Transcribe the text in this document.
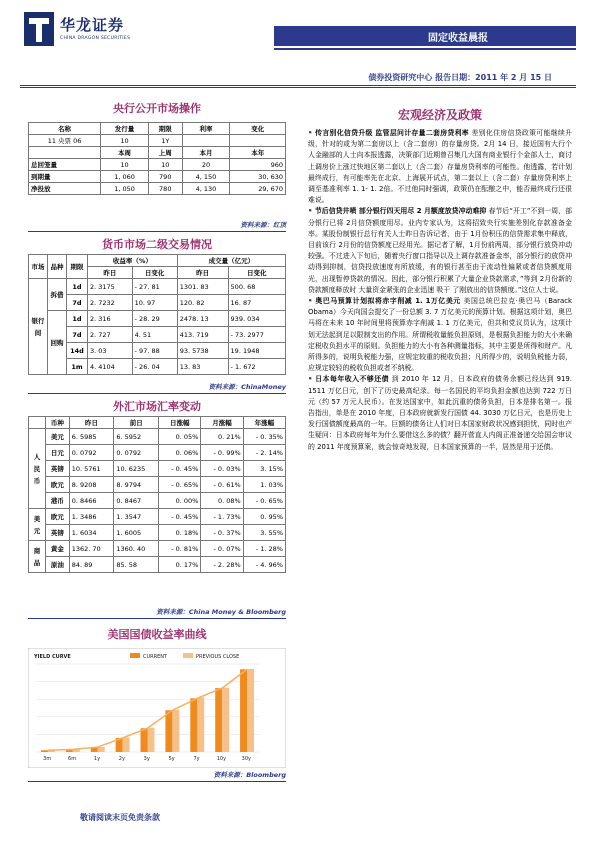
华龙证券
CHINA DRAGON SECURITIES	固定收益晨报
债券投资研究中心 报告日期：2011 年 2 月 15 日
央行公开市场操作
名称	发行量	期限	利率	变化
11 央票 06	10	1Y		
	本周	上周	本月	本年
总回笼量	10	10	20	960
到期量	1, 060	790	4, 150	30, 630
净投放	1, 050	780	4, 130	29, 670
资料来源：红顶
货币市场二级交易情况
市场	品种	期限	收益率（%）		成交量（亿元）	
			昨日	日变化	昨日	日变化
银行间	拆借	1d	2. 3175	- 27. 81	1301. 83	500. 68
		7d	2. 7232	10. 97	120. 82	16. 87
	回购	1d	2. 316	- 28. 29	2478. 13	939. 034
		7d	2. 727	4. 51	413. 719	- 73. 2977
		14d	3. 03	- 97. 88	93. 5738	19. 1948
		1m	4. 4104	- 26. 04	13. 83	- 1. 672
资料来源：ChinaMoney
外汇市场汇率变动
	币种	昨日	前日	日涨幅	月涨幅	年涨幅
人民币	美元	6. 5985	6. 5952	0. 05%	0. 21%	- 0. 35%
	日元	0. 0792	0. 0792	0. 06%	- 0. 99%	- 2. 14%
	英镑	10. 5761	10. 6235	- 0. 45%	- 0. 03%	3. 15%
	欧元	8. 9208	8. 9794	- 0. 65%	- 0. 61%	1. 03%
	港币	0. 8466	0. 8467	0. 00%	0. 08%	- 0. 65%
美元	欧元	1. 3486	1. 3547	- 0. 45%	- 1. 73%	0. 95%
	英镑	1. 6034	1. 6005	0. 18%	- 0. 37%	3. 55%
商品	黄金	1362. 70	1360. 40	- 0. 81%	- 0. 07%	- 1. 28%
	原油	84. 89	85. 58	0. 17%	- 2. 28%	- 4. 96%
资料来源：China Money & Bloomberg
美国国债收益率曲线
YIELD CURVE	CURRENT	PREVIOUS CLOSE
3m	6m	1y	2y	3y	5y	7y	10y	30y
资料来源：Bloomberg
宏观经济及政策

• 传言别化信贷升级 监管层问计存量二套房贷利率 差别化住房信贷政策可能继续升级，针对的或为第二套房以上（含二套房）的存量房贷。2月 14 日，接近国有大行个人金融部的人士向本报透露，决策部门近期曾召集几大国有商业银行个金部人士，商讨上调房价上涨过快地区第二套以上（含二套）存量房贷利率的可能性。他透露，若计划最终成行，有可能率先在北京、上海展开试点，第二套以上（含二套）存量房贷利率上调至基准利率 1. 1- 1. 2倍。不过他同时强调，政策仍在酝酿之中，能否最终成行还很难说。

• 节后信贷井喷 部分银行四天用尽 2 月额度放贷冲动难抑 春节后“开工”不到一周，部分银行已将 2月信贷额度用尽。业内专家认为，这将招致央行实施差别化存款准备金率。某股份制银行总行有关人士昨日告诉记者，由于 1月份积压的信贷需求集中释放，目前该行 2月份的信贷额度已经用光。据记者了解，1月份前两周，部分银行放贷冲动较强。不过进入下旬后，随着央行窗口指导以及上调存款准备金率，部分银行的放贷冲动得到抑制，信贷投放速度有所放缓，有的银行甚至由于流动性偏紧或者信贷额度用光，出现暂停贷款的情况。因此，部分银行积累了大量企业贷款需求，”等到 2月份新的贷款额度释放时 大量资金紧张的企业迅速 吸干 了刚放出的信贷额度。”这位人士说。

• 奥巴马预算计划拟将赤字削减 1. 1万亿美元 美国总统巴拉克·奥巴马（Barack Obama）今天向国会提交了一份总额 3. 7 万亿美元的预算计划。根据这项计划，奥巴马将在未来 10 年时间里将预算赤字削减 1. 1 万亿美元，但共和党议员认为，这项计划无法起到足以限制支出的作用。所谓税收量能负担原则，是根据负担能力的大小来确定税收负担水平的原则。负担能力的大小有各种测量指标，其中主要是所得和财产。凡所得多的，说明负税能力强，应规定较重的税收负担；凡所得少的，说明负税能力弱，应规定较轻的税收负担或者不纳税。

• 日本每年收入不够还债 到 2010 年 12 月，日本政府的债务余额已经达到 919. 1511 万亿日元，创下了历史最高纪录。每一名国民的平均负担金额也达到 722 万日元（约 57 万元人民币）。在发达国家中，如此沉重的债务负担，日本是排名第一。报告指出，单是在 2010 年度，日本政府就新发行国债 44. 3030 万亿日元，也是历史上发行国债额度最高的一年。巨额的债务让人们对日本国家财政状况感到担忧，同时也产生疑问：日本政府每年为什么要借这么多的债？翻开菅直人内阁正准备递交给国会审议的 2011 年度预算案，就会惊奇地发现，日本国家预算的一半，居然是用于还债。

敬请阅读末页免责条款
